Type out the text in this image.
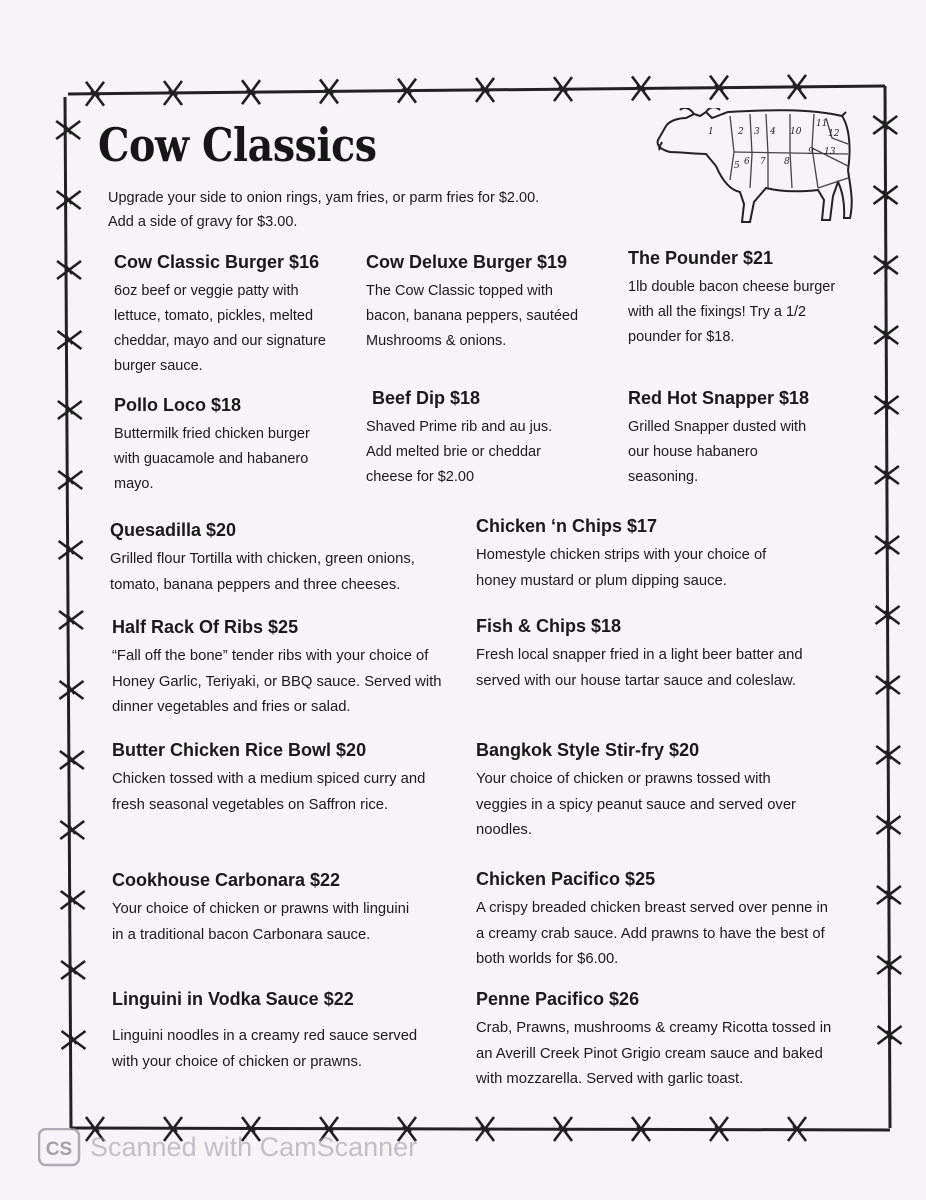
Cow Classics

Upgrade your side to onion rings, yam fries, or parm fries for $2.00.

Add a side of gravy for $3.00.

1	2 3 4
5 6 7 8
9
10
11
12
13
Cow Classic Burger $16

6oz beef or veggie patty with

lettuce, tomato, pickles, melted

cheddar, mayo and our signature

burger sauce.

Cow Deluxe Burger $19

The Cow Classic topped with

bacon, banana peppers, sautéed

Mushrooms & onions.

The Pounder $21

1lb double bacon cheese burger

with all the fixings! Try a 1/2

pounder for $18.

Pollo Loco $18

Buttermilk fried chicken burger

with guacamole and habanero

mayo.

Beef Dip $18

Shaved Prime rib and au jus.

Add melted brie or cheddar

cheese for $2.00

Red Hot Snapper $18

Grilled Snapper dusted with

our house habanero

seasoning.

Quesadilla $20

Grilled flour Tortilla with chicken, green onions,

tomato, banana peppers and three cheeses.

Chicken ‘n Chips $17

Homestyle chicken strips with your choice of

honey mustard or plum dipping sauce.

Half Rack Of Ribs $25

“Fall off the bone” tender ribs with your choice of

Honey Garlic, Teriyaki, or BBQ sauce. Served with

dinner vegetables and fries or salad.

Fish & Chips $18

Fresh local snapper fried in a light beer batter and

served with our house tartar sauce and coleslaw.

Butter Chicken Rice Bowl $20

Chicken tossed with a medium spiced curry and

fresh seasonal vegetables on Saffron rice.

Bangkok Style Stir-fry $20

Your choice of chicken or prawns tossed with

veggies in a spicy peanut sauce and served over

noodles.

Cookhouse Carbonara $22

Your choice of chicken or prawns with linguini

in a traditional bacon Carbonara sauce.

Chicken Pacifico $25

A crispy breaded chicken breast served over penne in

a creamy crab sauce. Add prawns to have the best of

both worlds for $6.00.

Linguini in Vodka Sauce $22

Linguini noodles in a creamy red sauce served

with your choice of chicken or prawns.

Penne Pacifico $26

Crab, Prawns, mushrooms & creamy Ricotta tossed in

an Averill Creek Pinot Grigio cream sauce and baked

with mozzarella. Served with garlic toast.

CS Scanned with CamScanner
